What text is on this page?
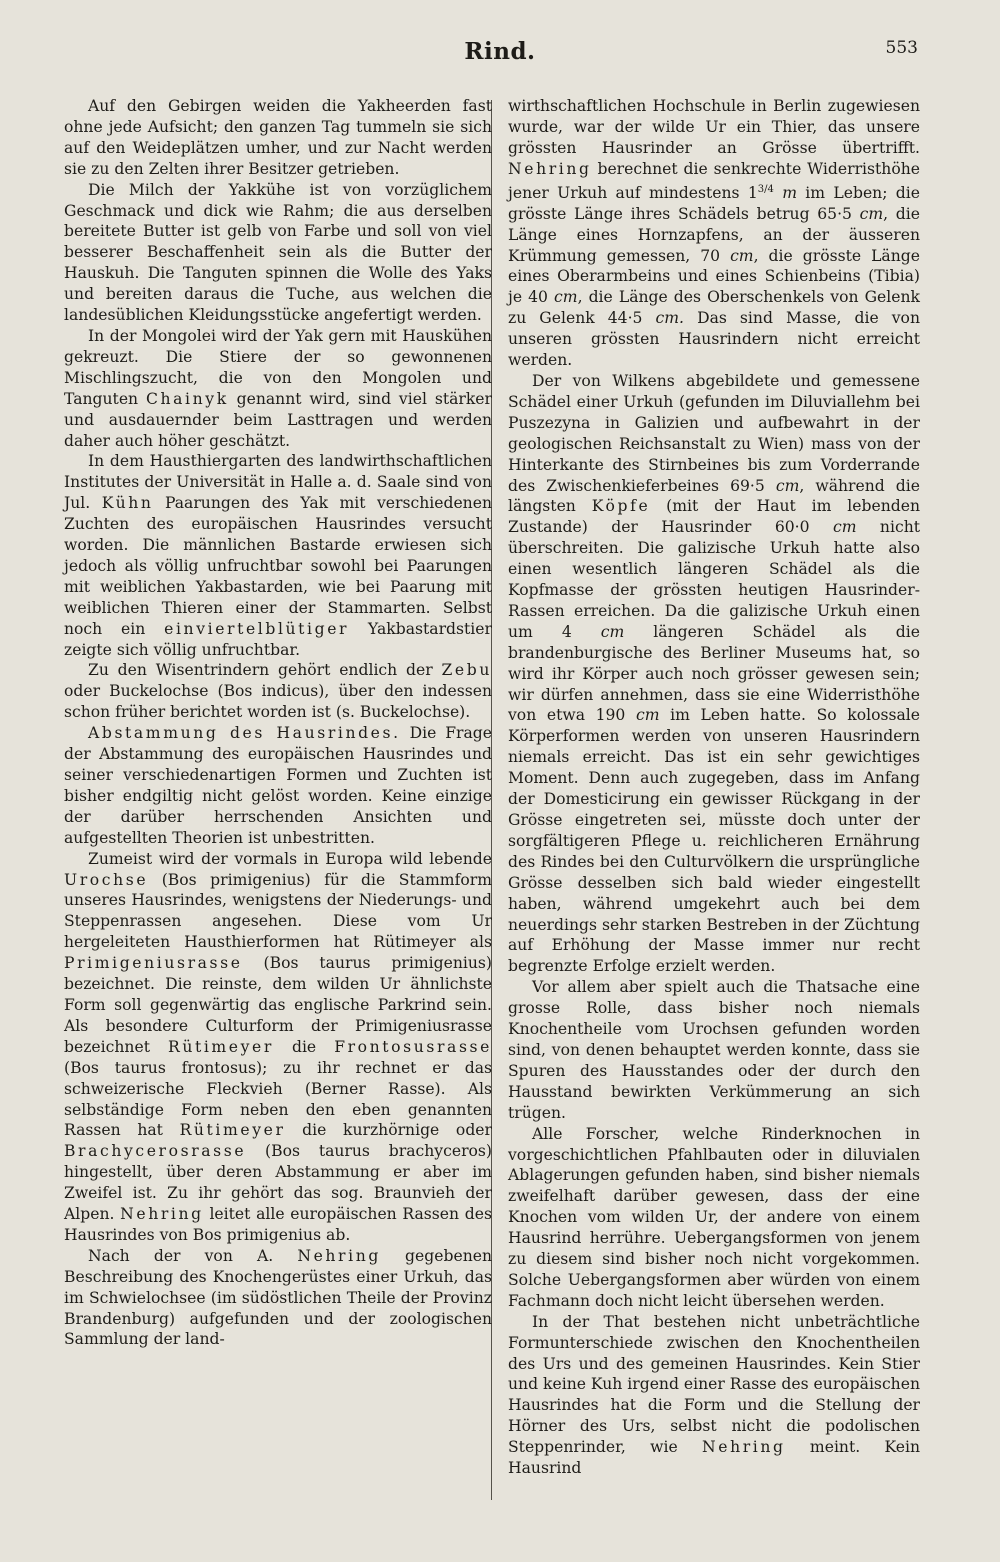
Rind.	553

Auf den Gebirgen weiden die Yakheerden fast ohne jede Aufsicht; den ganzen Tag tummeln sie sich auf den Weideplätzen umher, und zur Nacht werden sie zu den Zelten ihrer Besitzer getrieben.

Die Milch der Yakkühe ist von vorzüglichem Geschmack und dick wie Rahm; die aus derselben bereitete Butter ist gelb von Farbe und soll von viel besserer Beschaffenheit sein als die Butter der Hauskuh. Die Tanguten spinnen die Wolle des Yaks und bereiten daraus die Tuche, aus welchen die landesüblichen Kleidungsstücke angefertigt werden.

In der Mongolei wird der Yak gern mit Hauskühen gekreuzt. Die Stiere der so gewonnenen Mischlingszucht, die von den Mongolen und Tanguten Chainyk genannt wird, sind viel stärker und ausdauernder beim Lasttragen und werden daher auch höher geschätzt.

In dem Hausthiergarten des landwirthschaftlichen Institutes der Universität in Halle a. d. Saale sind von Jul. Kühn Paarungen des Yak mit verschiedenen Zuchten des europäischen Hausrindes versucht worden. Die männlichen Bastarde erwiesen sich jedoch als völlig unfruchtbar sowohl bei Paarungen mit weiblichen Yakbastarden, wie bei Paarung mit weiblichen Thieren einer der Stammarten. Selbst noch ein einviertelblütiger Yakbastardstier zeigte sich völlig unfruchtbar.

Zu den Wisentrindern gehört endlich der Zebu oder Buckelochse (Bos indicus), über den indessen schon früher berichtet worden ist (s. Buckelochse).

Abstammung des Hausrindes. Die Frage der Abstammung des europäischen Hausrindes und seiner verschiedenartigen Formen und Zuchten ist bisher endgiltig nicht gelöst worden. Keine einzige der darüber herrschenden Ansichten und aufgestellten Theorien ist unbestritten.

Zumeist wird der vormals in Europa wild lebende Urochse (Bos primigenius) für die Stammform unseres Hausrindes, wenigstens der Niederungs- und Steppenrassen angesehen. Diese vom Ur hergeleiteten Hausthierformen hat Rütimeyer als Primigeniusrasse (Bos taurus primigenius) bezeichnet. Die reinste, dem wilden Ur ähnlichste Form soll gegenwärtig das englische Parkrind sein. Als besondere Culturform der Primigeniusrasse bezeichnet Rütimeyer die Frontosusrasse (Bos taurus frontosus); zu ihr rechnet er das schweizerische Fleckvieh (Berner Rasse). Als selbständige Form neben den eben genannten Rassen hat Rütimeyer die kurzhörnige oder Brachycerosrasse (Bos taurus brachyceros) hingestellt, über deren Abstammung er aber im Zweifel ist. Zu ihr gehört das sog. Braunvieh der Alpen. Nehring leitet alle europäischen Rassen des Hausrindes von Bos primigenius ab.

Nach der von A. Nehring gegebenen Beschreibung des Knochengerüstes einer Urkuh, das im Schwielochsee (im südöstlichen Theile der Provinz Brandenburg) aufgefunden und der zoologischen Sammlung der land-

wirthschaftlichen Hochschule in Berlin zugewiesen wurde, war der wilde Ur ein Thier, das unsere grössten Hausrinder an Grösse übertrifft. Nehring berechnet die senkrechte Widerristhöhe jener Urkuh auf mindestens $1^{3/4}$ m im Leben; die grösste Länge ihres Schädels betrug 65·5 cm, die Länge eines Hornzapfens, an der äusseren Krümmung gemessen, 70 cm, die grösste Länge eines Oberarmbeins und eines Schienbeins (Tibia) je 40 cm, die Länge des Oberschenkels von Gelenk zu Gelenk 44·5 cm. Das sind Masse, die von unseren grössten Hausrindern nicht erreicht werden.

Der von Wilkens abgebildete und gemessene Schädel einer Urkuh (gefunden im Diluviallehm bei Puszezyna in Galizien und aufbewahrt in der geologischen Reichsanstalt zu Wien) mass von der Hinterkante des Stirnbeines bis zum Vorderrande des Zwischenkieferbeines 69·5 cm, während die längsten Köpfe (mit der Haut im lebenden Zustande) der Hausrinder 60·0 cm nicht überschreiten. Die galizische Urkuh hatte also einen wesentlich längeren Schädel als die Kopfmasse der grössten heutigen Hausrinder-Rassen erreichen. Da die galizische Urkuh einen um 4 cm längeren Schädel als die brandenburgische des Berliner Museums hat, so wird ihr Körper auch noch grösser gewesen sein; wir dürfen annehmen, dass sie eine Widerristhöhe von etwa 190 cm im Leben hatte. So kolossale Körperformen werden von unseren Hausrindern niemals erreicht. Das ist ein sehr gewichtiges Moment. Denn auch zugegeben, dass im Anfang der Domesticirung ein gewisser Rückgang in der Grösse eingetreten sei, müsste doch unter der sorgfältigeren Pflege u. reichlicheren Ernährung des Rindes bei den Culturvölkern die ursprüngliche Grösse desselben sich bald wieder eingestellt haben, während umgekehrt auch bei dem neuerdings sehr starken Bestreben in der Züchtung auf Erhöhung der Masse immer nur recht begrenzte Erfolge erzielt werden.

Vor allem aber spielt auch die Thatsache eine grosse Rolle, dass bisher noch niemals Knochentheile vom Urochsen gefunden worden sind, von denen behauptet werden konnte, dass sie Spuren des Hausstandes oder der durch den Hausstand bewirkten Verkümmerung an sich trügen.

Alle Forscher, welche Rinderknochen in vorgeschichtlichen Pfahlbauten oder in diluvialen Ablagerungen gefunden haben, sind bisher niemals zweifelhaft darüber gewesen, dass der eine Knochen vom wilden Ur, der andere von einem Hausrind herrühre. Uebergangsformen von jenem zu diesem sind bisher noch nicht vorgekommen. Solche Uebergangsformen aber würden von einem Fachmann doch nicht leicht übersehen werden.

In der That bestehen nicht unbeträchtliche Formunterschiede zwischen den Knochentheilen des Urs und des gemeinen Hausrindes. Kein Stier und keine Kuh irgend einer Rasse des europäischen Hausrindes hat die Form und die Stellung der Hörner des Urs, selbst nicht die podolischen Steppenrinder, wie Nehring meint. Kein Hausrind
